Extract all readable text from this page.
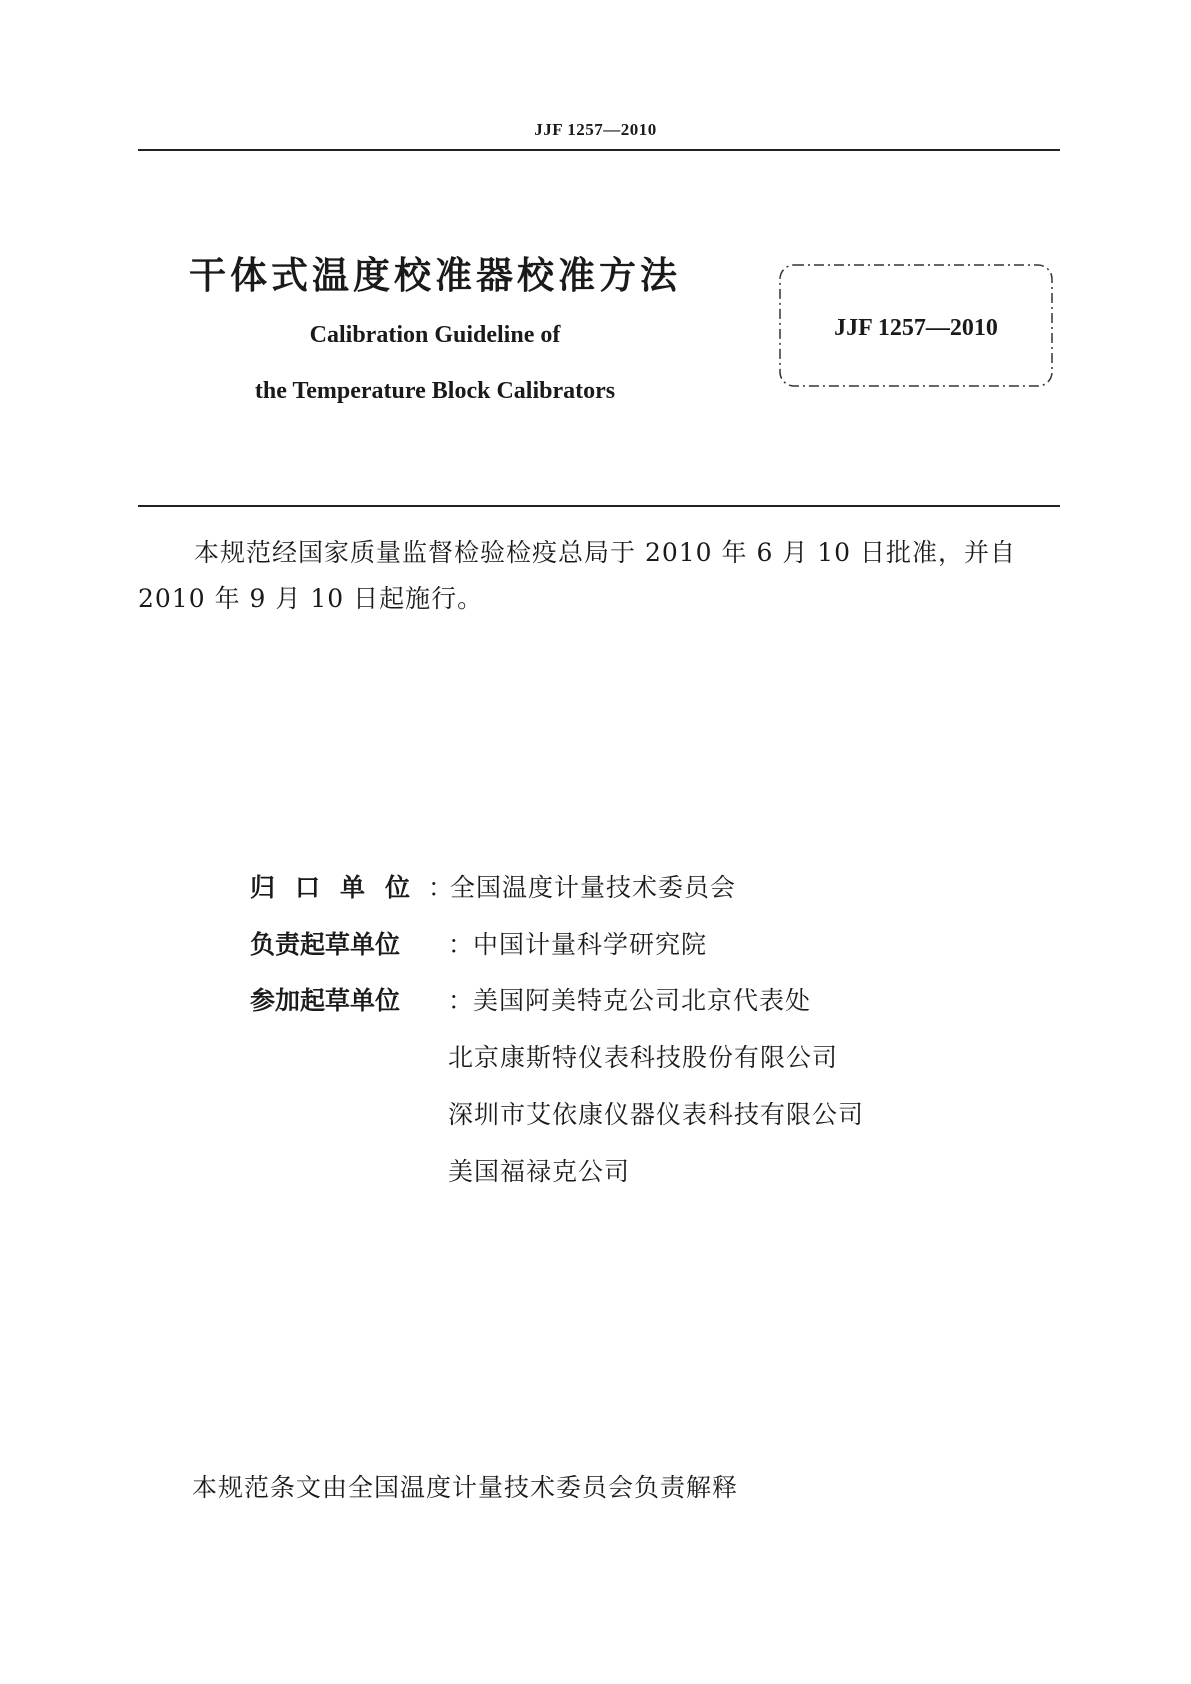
JJF 1257—2010
干体式温度校准器校准方法
Calibration Guideline of
the Temperature Block Calibrators
JJF 1257—2010
本规范经国家质量监督检验检疫总局于 2010 年 6 月 10 日批准，并自 2010 年 9 月 10 日起施行。
归口单位：全国温度计量技术委员会
负责起草单位 ：中国计量科学研究院
参加起草单位 ：美国阿美特克公司北京代表处
北京康斯特仪表科技股份有限公司
深圳市艾依康仪器仪表科技有限公司
美国福禄克公司
本规范条文由全国温度计量技术委员会负责解释
